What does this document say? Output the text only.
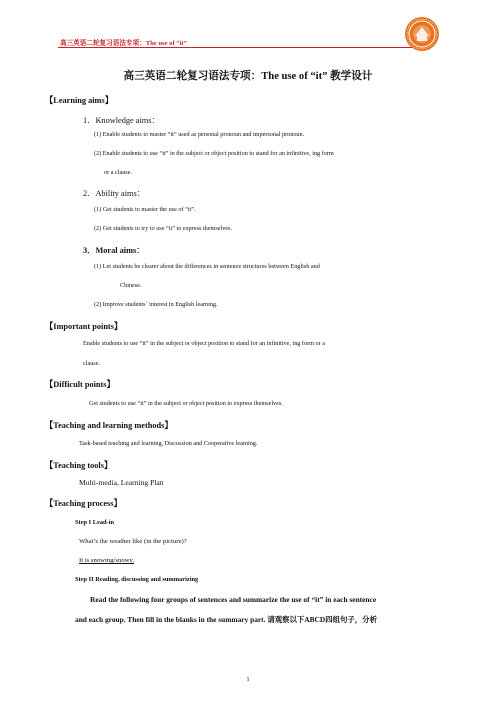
高三英语二轮复习语法专项：The use of “it”
高三英语二轮复习语法专项：The use of “it” 教学设计
【Learning aims】
1．Knowledge aims：
(1) Enable students to master “it” used as personal pronoun and impersonal pronoun.
(2) Enable students to use “it” in the subject or object position to stand for an infinitive, ing form
or a clause.
2．Ability aims：
(1) Get students to master the use of “it”.
(2) Get students to try to use “it” to express themselves.
3．Moral aims：
(1) Let students be clearer about the differences in sentence structures between English and
Chinese.
(2) Improve students` interest in English learning.
【Important points】
Enable students to use “it” in the subject or object position to stand for an infinitive, ing form or a
clause.
【Difficult points】
Get students to use “it” in the subject or object position to express themselves.
【Teaching and learning methods】
Task-based teaching and learning, Discussion and Cooperative learning.
【Teaching tools】
Multi-media, Learning Plan
【Teaching process】
Step I Lead-in
What’s the weather like (in the picture)?
It is snowing/snowy.
Step II Reading, discussing and summarizing
Read the following four groups of sentences and summarize the use of “it” in each sentence
and each group. Then fill in the blanks in the summary part. 请观察以下ABCD四组句子，分析
1
